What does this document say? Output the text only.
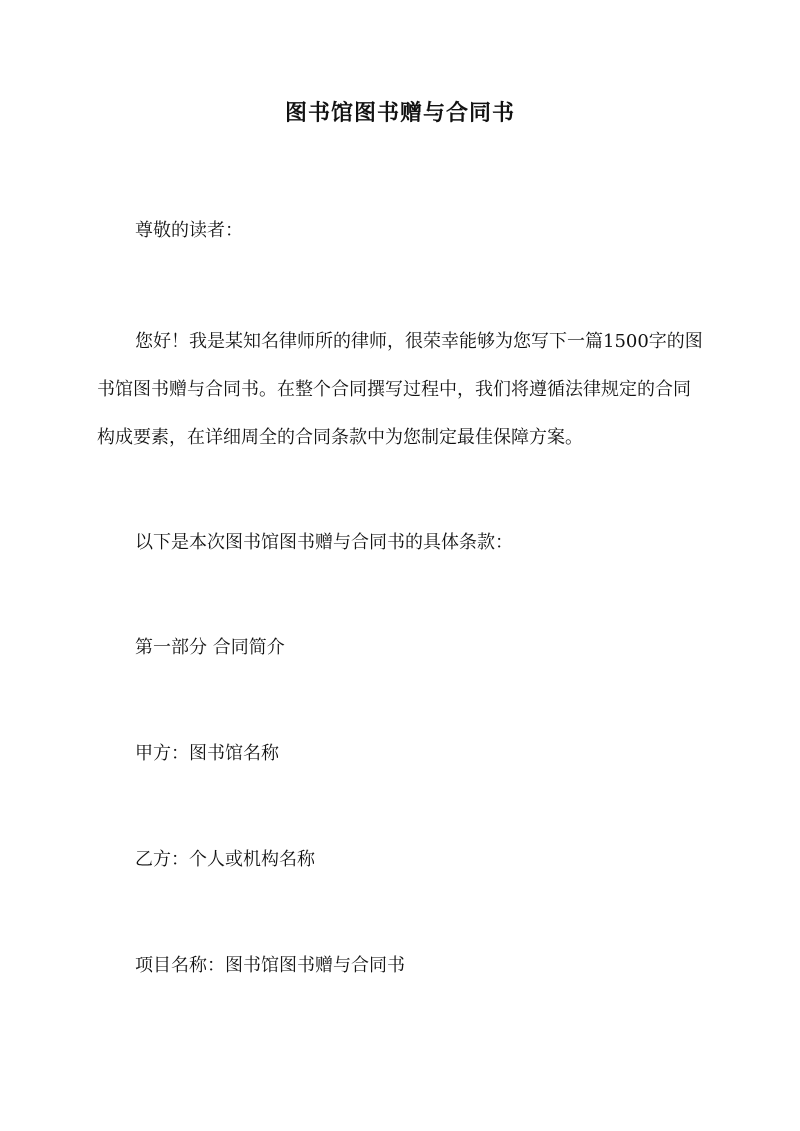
图书馆图书赠与合同书

尊敬的读者：

您好！我是某知名律师所的律师，很荣幸能够为您写下一篇1500字的图书馆图书赠与合同书。在整个合同撰写过程中，我们将遵循法律规定的合同构成要素，在详细周全的合同条款中为您制定最佳保障方案。

以下是本次图书馆图书赠与合同书的具体条款：

第一部分 合同简介

甲方：图书馆名称

乙方：个人或机构名称

项目名称：图书馆图书赠与合同书
